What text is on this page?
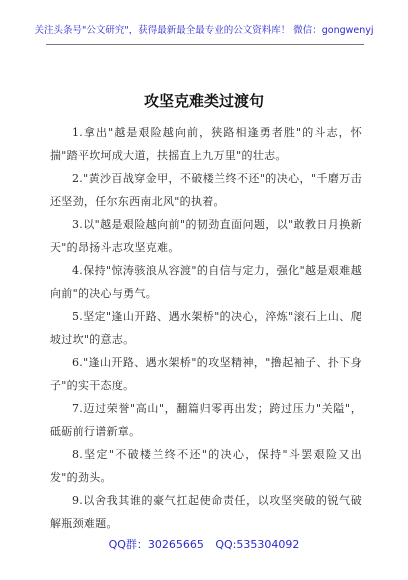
关注头条号"公文研究"，获得最新最全最专业的公文资料库！ 微信：gongwenyj
攻坚克难类过渡句

1.拿出"越是艰险越向前，狭路相逢勇者胜"的斗志，怀揣"踏平坎坷成大道，扶摇直上九万里"的壮志。

2."黄沙百战穿金甲，不破楼兰终不还"的决心，"千磨万击还坚劲，任尔东西南北风"的执着。

3.以"越是艰险越向前"的韧劲直面问题，以"敢教日月换新天"的昂扬斗志攻坚克难。

4.保持"惊涛骇浪从容渡"的自信与定力，强化"越是艰难越向前"的决心与勇气。

5.坚定"逢山开路、遇水架桥"的决心，淬炼"滚石上山、爬坡过坎"的意志。

6."逢山开路、遇水架桥"的攻坚精神，"撸起袖子、扑下身子"的实干态度。

7.迈过荣誉"高山"，翻篇归零再出发；跨过压力"关隘"，砥砺前行谱新章。

8.坚定"不破楼兰终不还"的决心，保持"斗罢艰险又出发"的劲头。

9.以舍我其谁的豪气扛起使命责任，以攻坚突破的锐气破解瓶颈难题。

QQ群：30265665 QQ:535304092
